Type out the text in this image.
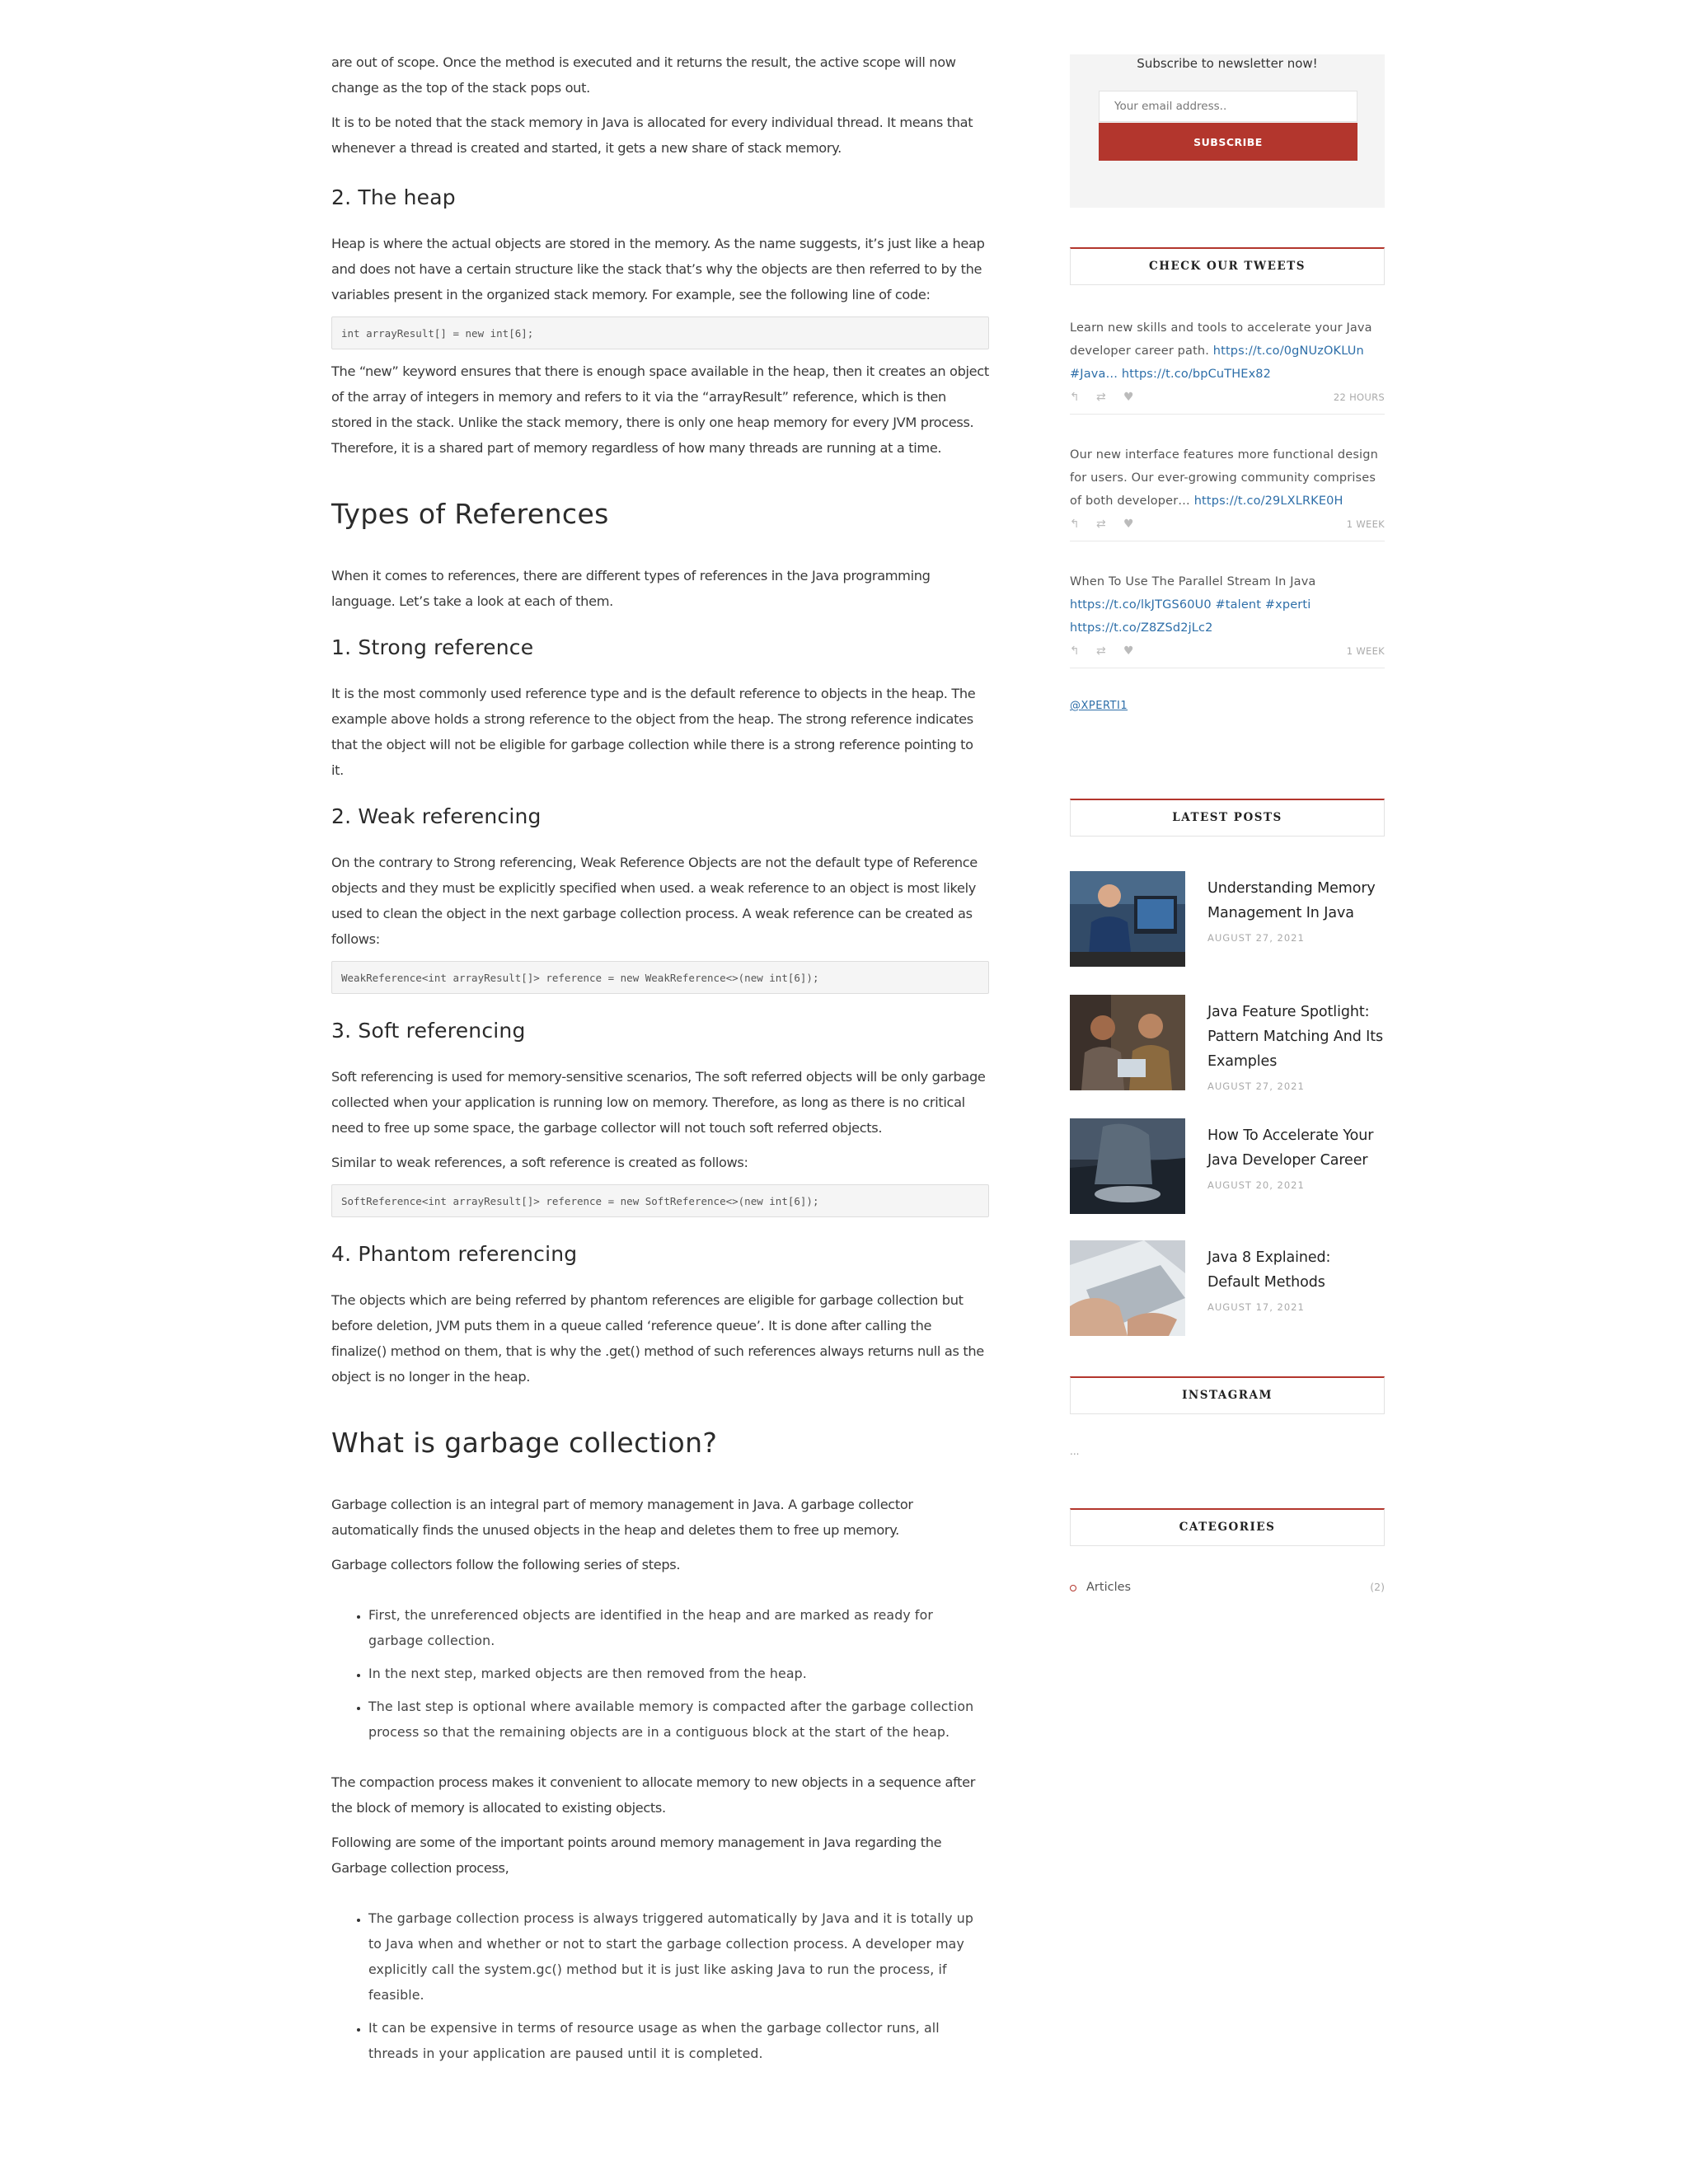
are out of scope. Once the method is executed and it returns the result, the active scope will now change as the top of the stack pops out.

It is to be noted that the stack memory in Java is allocated for every individual thread. It means that whenever a thread is created and started, it gets a new share of stack memory.

2. The heap

Heap is where the actual objects are stored in the memory. As the name suggests, it’s just like a heap and does not have a certain structure like the stack that’s why the objects are then referred to by the variables present in the organized stack memory. For example, see the following line of code:

int arrayResult[] = new int[6];

The “new” keyword ensures that there is enough space available in the heap, then it creates an object of the array of integers in memory and refers to it via the “arrayResult” reference, which is then stored in the stack. Unlike the stack memory, there is only one heap memory for every JVM process. Therefore, it is a shared part of memory regardless of how many threads are running at a time.

Types of References

When it comes to references, there are different types of references in the Java programming language. Let’s take a look at each of them.

1. Strong reference

It is the most commonly used reference type and is the default reference to objects in the heap. The example above holds a strong reference to the object from the heap. The strong reference indicates that the object will not be eligible for garbage collection while there is a strong reference pointing to it.

2. Weak referencing

On the contrary to Strong referencing, Weak Reference Objects are not the default type of Reference objects and they must be explicitly specified when used. a weak reference to an object is most likely used to clean the object in the next garbage collection process. A weak reference can be created as follows:

WeakReference<int arrayResult[]> reference = new WeakReference<>(new int[6]);
3. Soft referencing

Soft referencing is used for memory-sensitive scenarios, The soft referred objects will be only garbage collected when your application is running low on memory. Therefore, as long as there is no critical need to free up some space, the garbage collector will not touch soft referred objects.

Similar to weak references, a soft reference is created as follows:

SoftReference<int arrayResult[]> reference = new SoftReference<>(new int[6]);
4. Phantom referencing

The objects which are being referred by phantom references are eligible for garbage collection but before deletion, JVM puts them in a queue called ‘reference queue’. It is done after calling the finalize() method on them, that is why the .get() method of such references always returns null as the object is no longer in the heap.

What is garbage collection?

Garbage collection is an integral part of memory management in Java. A garbage collector automatically finds the unused objects in the heap and deletes them to free up memory.

Garbage collectors follow the following series of steps.

• First, the unreferenced objects are identified in the heap and are marked as ready for garbage collection.
• In the next step, marked objects are then removed from the heap.
• The last step is optional where available memory is compacted after the garbage collection process so that the remaining objects are in a contiguous block at the start of the heap.

The compaction process makes it convenient to allocate memory to new objects in a sequence after the block of memory is allocated to existing objects.

Following are some of the important points around memory management in Java regarding the Garbage collection process,

• The garbage collection process is always triggered automatically by Java and it is totally up to Java when and whether or not to start the garbage collection process. A developer may explicitly call the system.gc() method but it is just like asking Java to run the process, if feasible.
• It can be expensive in terms of resource usage as when the garbage collector runs, all threads in your application are paused until it is completed.
Subscribe to newsletter now!
Your email address..
SUBSCRIBE
CHECK OUR TWEETS

Learn new skills and tools to accelerate your Java developer career path. https://t.co/0gNUzOKLUn #Java… https://t.co/bpCuTHEx82

↰ ⇄ ♥	22 HOURS

Our new interface features more functional design for users. Our ever-growing community comprises of both developer… https://t.co/29LXLRKE0H

↰ ⇄ ♥	1 WEEK

When To Use The Parallel Stream In Java https://t.co/lkJTGS60U0 #talent #xperti https://t.co/Z8ZSd2jLc2

↰ ⇄ ♥	1 WEEK
@XPERTI1
LATEST POSTS
Understanding Memory Management In Java
AUGUST 27, 2021
Java Feature Spotlight: Pattern Matching And Its Examples
AUGUST 27, 2021
How To Accelerate Your Java Developer Career
AUGUST 20, 2021
Java 8 Explained: Default Methods
AUGUST 17, 2021
INSTAGRAM
...
CATEGORIES
Articles	(2)
